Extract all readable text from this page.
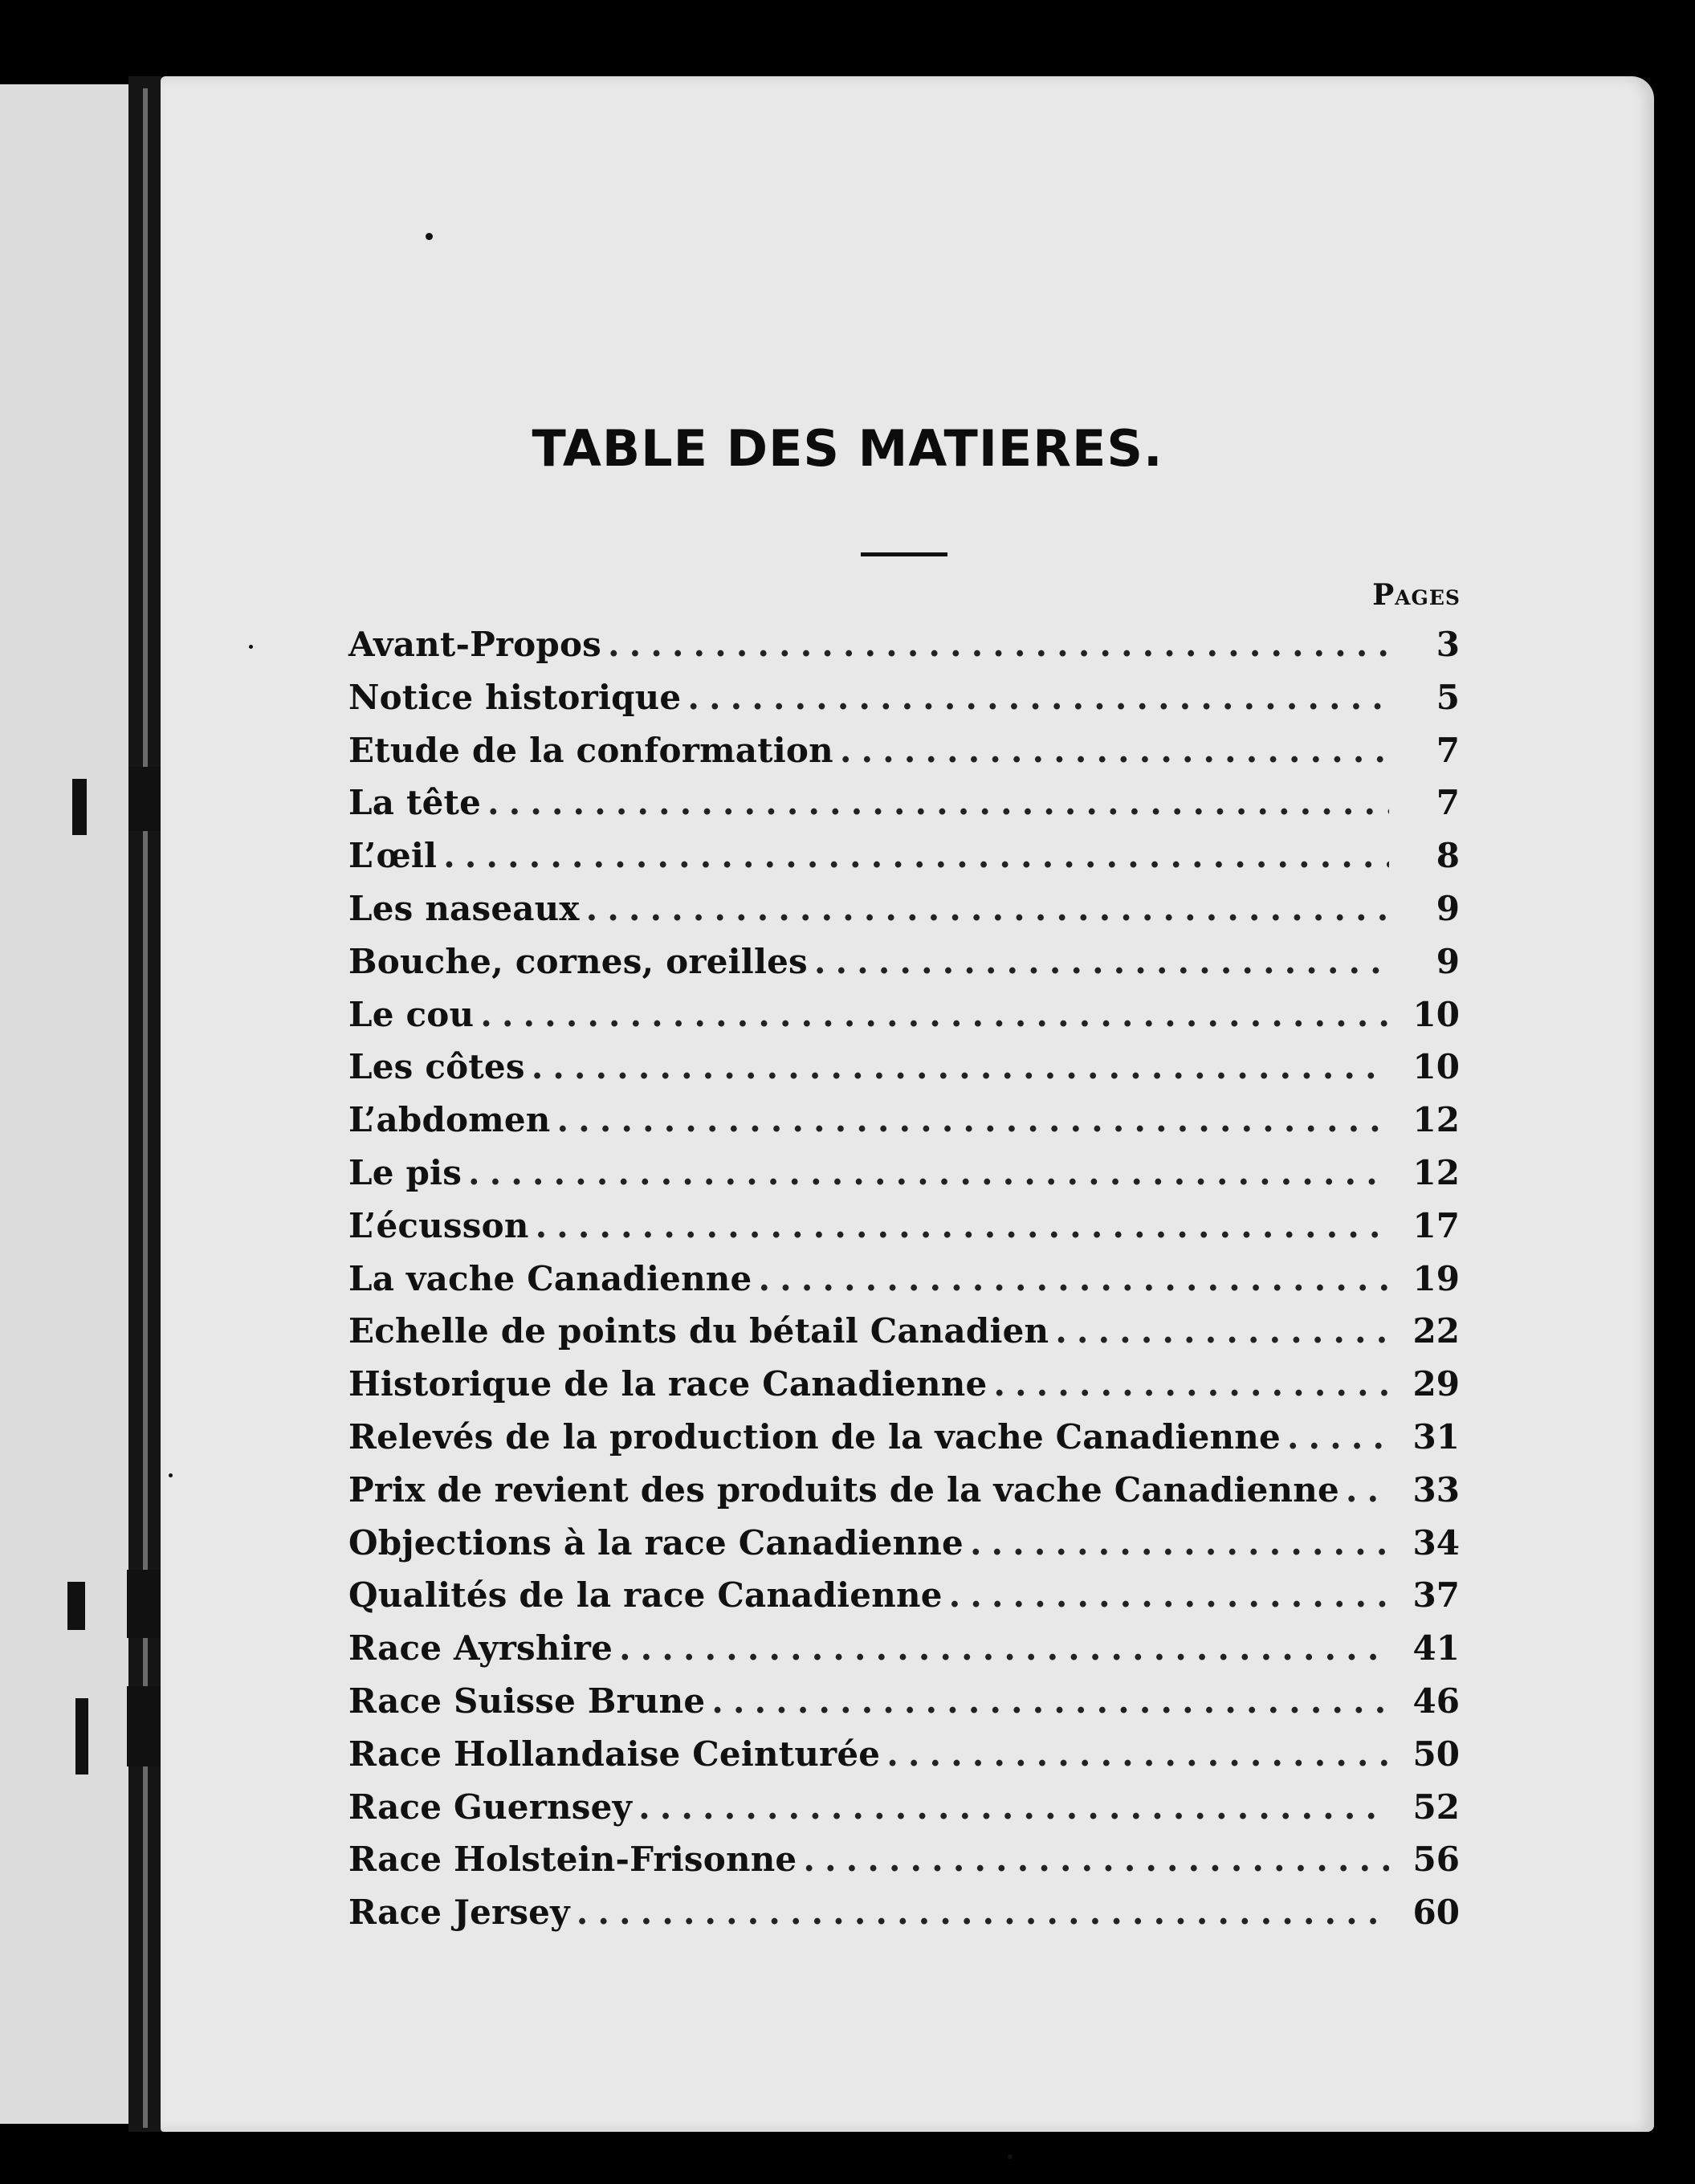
TABLE DES MATIERES.
Pages
Avant-Propos .....	3
Notice historique .....	5
Etude de la conformation .....	7
La tête .....	7
L’œil .....	8
Les naseaux .....	9
Bouche, cornes, oreilles .....	9
Le cou .....	10
Les côtes .....	10
L’abdomen .....	12
Le pis .....	12
L’écusson .....	17
La vache Canadienne .....	19
Echelle de points du bétail Canadien .....	22
Historique de la race Canadienne .....	29
Relevés de la production de la vache Canadienne .....	31
Prix de revient des produits de la vache Canadienne ..... 33
Objections à la race Canadienne .....	34
Qualités de la race Canadienne .....	37
Race Ayrshire .....	41
Race Suisse Brune .....	46
Race Hollandaise Ceinturée .....	50
Race Guernsey .....	52
Race Holstein-Frisonne .....	56
Race Jersey .....	60
